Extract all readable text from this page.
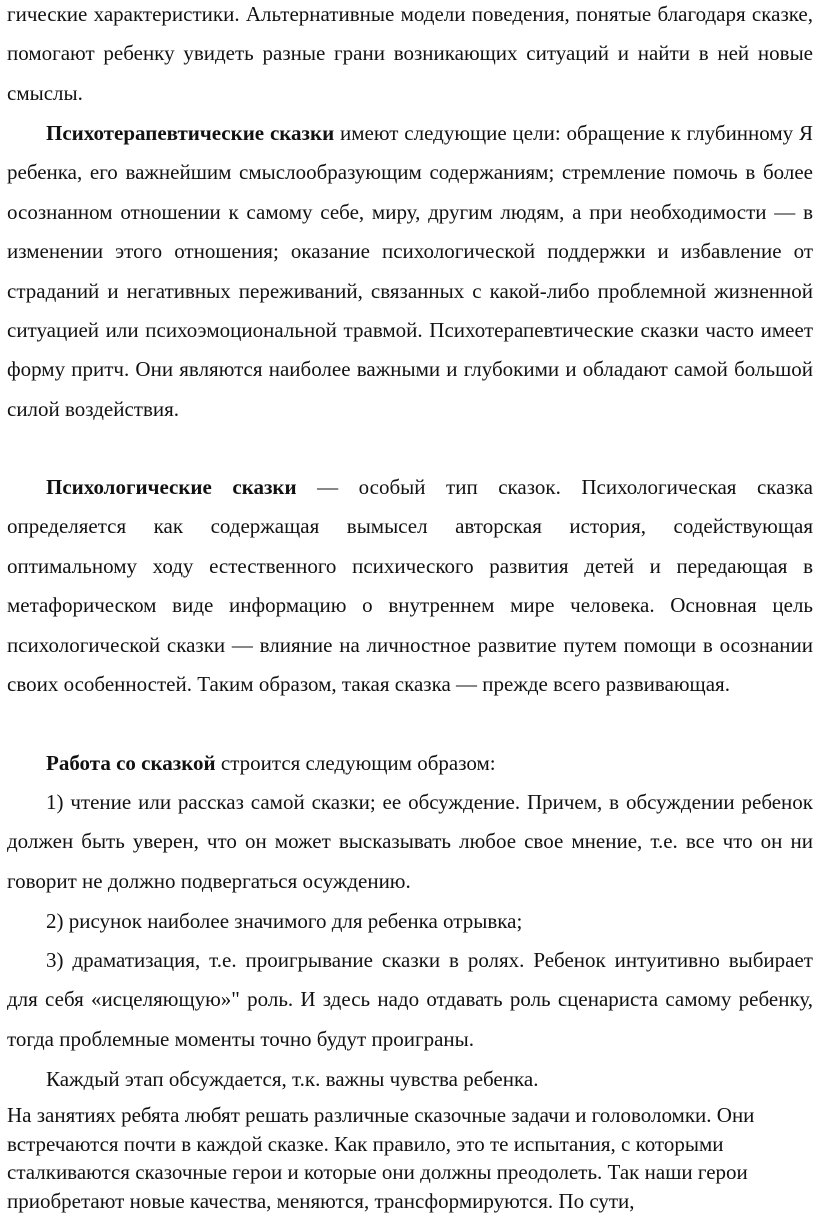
гические характеристики. Альтернативные модели поведения, понятые благодаря сказке, помогают ребенку увидеть разные грани возникающих ситуаций и найти в ней новые смыслы.

Психотерапевтические сказки имеют следующие цели: обращение к глубинному Я ребенка, его важнейшим смыслообразующим содержаниям; стремление помочь в более осознанном отношении к самому себе, миру, другим людям, а при необходимости — в изменении этого отношения; оказание психологической поддержки и избавление от страданий и негативных переживаний, связанных с какой-либо проблемной жизненной ситуацией или психоэмоциональной травмой. Психотерапевтические сказки часто имеет форму притч. Они являются наиболее важными и глубокими и обладают самой большой силой воздействия.

Психологические сказки — особый тип сказок. Психологическая сказка определяется как содержащая вымысел авторская история, содействующая оптимальному ходу естественного психического развития детей и передающая в метафорическом виде информацию о внутреннем мире человека. Основная цель психологической сказки — влияние на личностное развитие путем помощи в осознании своих особенностей. Таким образом, такая сказка — прежде всего развивающая.

Работа со сказкой строится следующим образом:

1) чтение или рассказ самой сказки; ее обсуждение. Причем, в обсуждении ребенок должен быть уверен, что он может высказывать любое свое мнение, т.е. все что он ни говорит не должно подвергаться осуждению.

2) рисунок наиболее значимого для ребенка отрывка;

3) драматизация, т.е. проигрывание сказки в ролях. Ребенок интуитивно выбирает для себя «исцеляющую»" роль. И здесь надо отдавать роль сценариста самому ребенку, тогда проблемные моменты точно будут проиграны.

Каждый этап обсуждается, т.к. важны чувства ребенка.

На занятиях ребята любят решать различные сказочные задачи и головоломки. Они встречаются почти в каждой сказке. Как правило, это те испытания, с которыми сталкиваются сказочные герои и которые они должны преодолеть. Так наши герои приобретают новые качества, меняются, трансформируются. По сути,
